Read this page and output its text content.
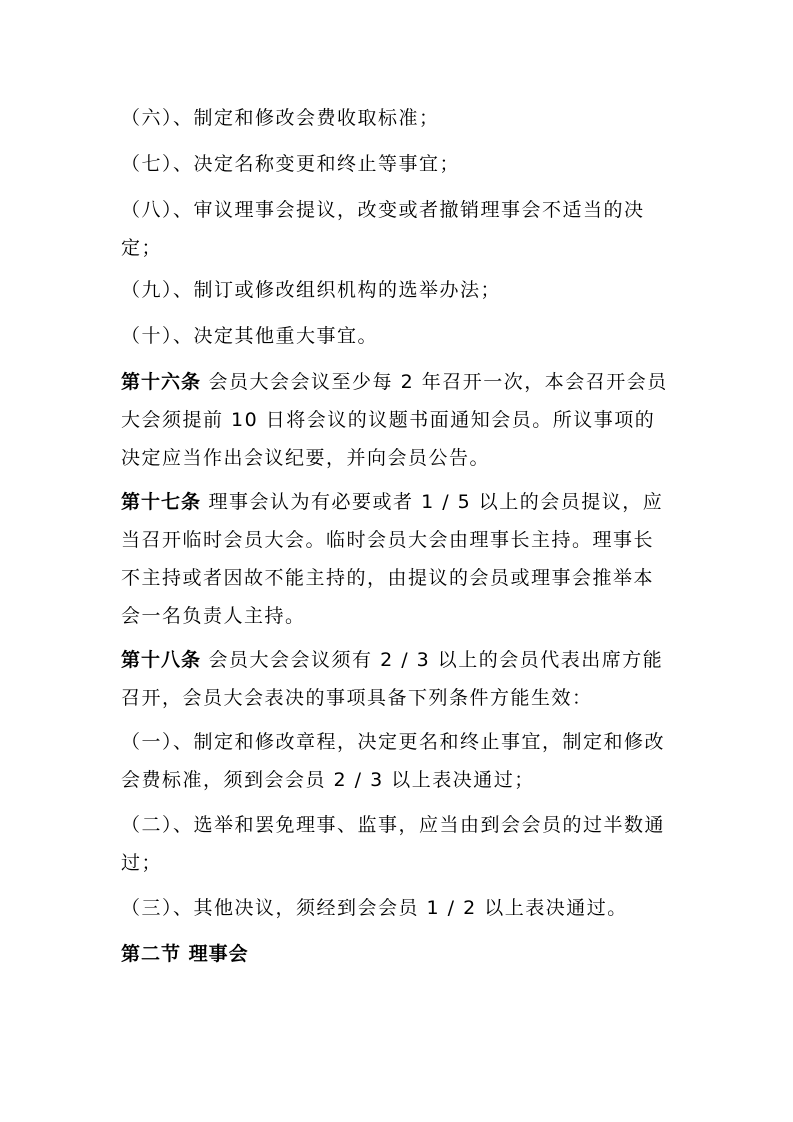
（六）、制定和修改会费收取标准；

（七）、决定名称变更和终止等事宜；

（八）、审议理事会提议，改变或者撤销理事会不适当的决定；

（九）、制订或修改组织机构的选举办法；

（十）、决定其他重大事宜。

第十六条 会员大会会议至少每 2 年召开一次，本会召开会员大会须提前 10 日将会议的议题书面通知会员。所议事项的决定应当作出会议纪要，并向会员公告。

第十七条 理事会认为有必要或者 1 / 5 以上的会员提议，应当召开临时会员大会。临时会员大会由理事长主持。理事长不主持或者因故不能主持的，由提议的会员或理事会推举本会一名负责人主持。

第十八条 会员大会会议须有 2 / 3 以上的会员代表出席方能召开，会员大会表决的事项具备下列条件方能生效：

（一）、制定和修改章程，决定更名和终止事宜，制定和修改会费标准，须到会会员 2 / 3 以上表决通过；

（二）、选举和罢免理事、监事，应当由到会会员的过半数通过；

（三）、其他决议，须经到会会员 1 / 2 以上表决通过。

第二节 理事会
